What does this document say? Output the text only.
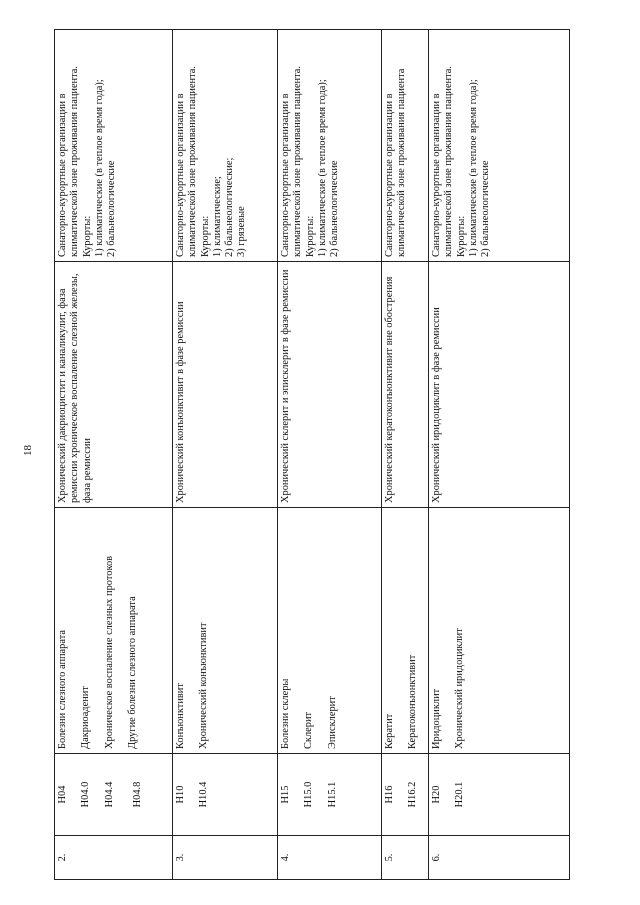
18
2.	H04 H04.0 H04.4 H04.8	Болезни слезного аппарата Дакриоаденит Хроническое воспаление слезных протоков Другие болезни слезного аппарата	Хронический дакриоцистит и каналикулит, фаза ремиссии хроническое воспаление слезной железы, фаза ремиссии	Санаторно-курортные организации в климатической зоне проживания пациента. Курорты: 1) климатические (в теплое время года); 2) бальнеологические

3.	H10 H10.4	Конъюнктивит Хронический конъюнктивит	Хронический конъюнктивит в фазе ремиссии	Санаторно-курортные организации в климатической зоне проживания пациента. Курорты: 1) климатические; 2) бальнеологические; 3) грязевые

4.	H15 H15.0 H15.1	Болезни склеры Склерит Эписклерит	Хронический склерит и эписклерит в фазе ремиссии	Санаторно-курортные организации в климатической зоне проживания пациента. Курорты: 1) климатические (в теплое время года); 2) бальнеологические

5.	H16 H16.2	Кератит Кератоконъюнктивит	Хронический кератоконъюнктивит вне обострения	Санаторно-курортные организации в климатической зоне проживания пациента

6.	H20 H20.1	Иридоциклит Хронический иридоциклит	Хронический иридоциклит в фазе ремиссии	Санаторно-курортные организации в климатической зоне проживания пациента. Курорты: 1) климатические (в теплое время года); 2) бальнеологические
